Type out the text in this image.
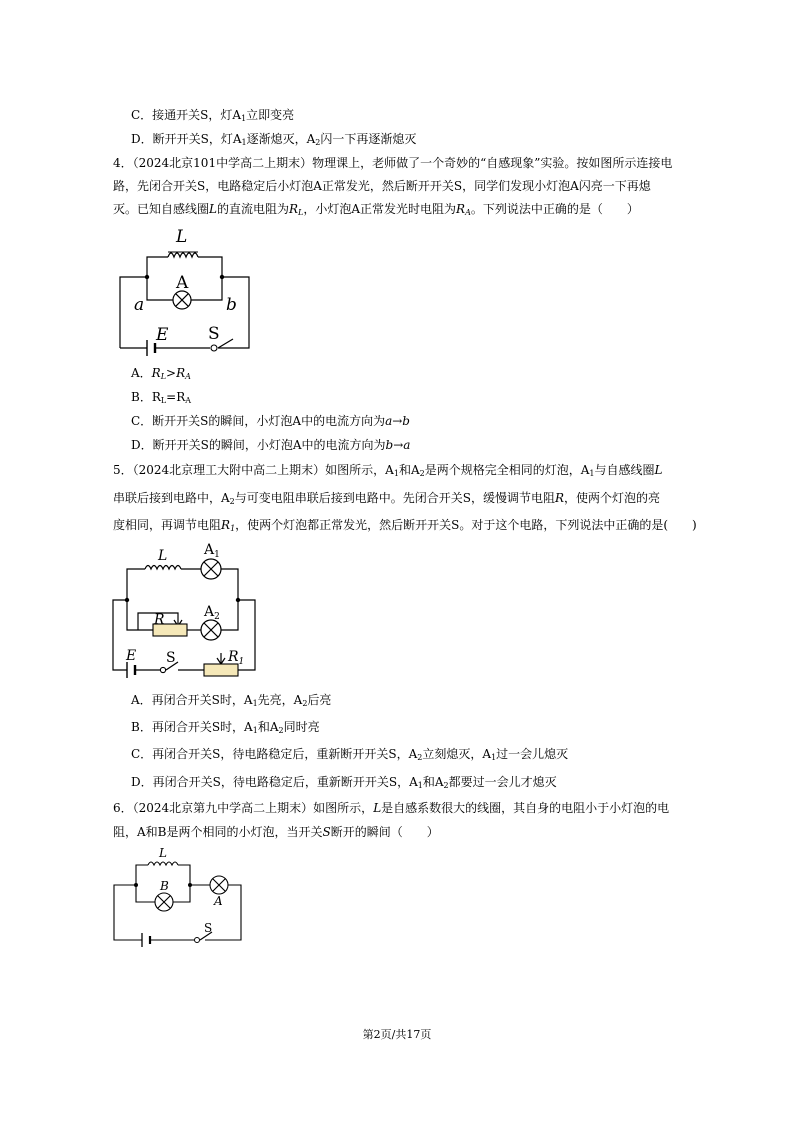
C．接通开关S，灯$A_1$立即变亮
D．断开开关S，灯$A_1$逐渐熄灭，$A_2$闪一下再逐渐熄灭
4．（2024北京101中学高二上期末）物理课上，老师做了一个奇妙的“自感现象”实验。按如图所示连接电
路，先闭合开关S，电路稳定后小灯泡A正常发光，然后断开开关S，同学们发现小灯泡A闪亮一下再熄
灭。已知自感线圈L的直流电阻为$R_L$，小灯泡A正常发光时电阻为$R_A$。下列说法中正确的是（　　）
L
A
a	b
E S
A．$R_L>R_A$
B．$R_L=R_A$
C．断开开关S的瞬间，小灯泡A中的电流方向为a→b
D．断开开关S的瞬间，小灯泡A中的电流方向为b→a
5．（2024北京理工大附中高二上期末）如图所示，$A_1$和$A_2$是两个规格完全相同的灯泡，$A_1$与自感线圈L
串联后接到电路中，$A_2$与可变电阻串联后接到电路中。先闭合开关S，缓慢调节电阻R，使两个灯泡的亮
度相同，再调节电阻$R_1$，使两个灯泡都正常发光，然后断开开关S。对于这个电路，下列说法中正确的是(　　)
L	$A_1$
$A_2$
R
E S	$R_1$
A．再闭合开关S时，$A_1$先亮，$A_2$后亮
B．再闭合开关S时，$A_1$和$A_2$同时亮
C．再闭合开关S，待电路稳定后，重新断开开关S，$A_2$立刻熄灭，$A_1$过一会儿熄灭
D．再闭合开关S，待电路稳定后，重新断开开关S，$A_1$和$A_2$都要过一会儿才熄灭
6．（2024北京第九中学高二上期末）如图所示，L是自感系数很大的线圈，其自身的电阻小于小灯泡的电
阻，A和B是两个相同的小灯泡，当开关S断开的瞬间（　　）
L
B
A
S
第2页/共17页
